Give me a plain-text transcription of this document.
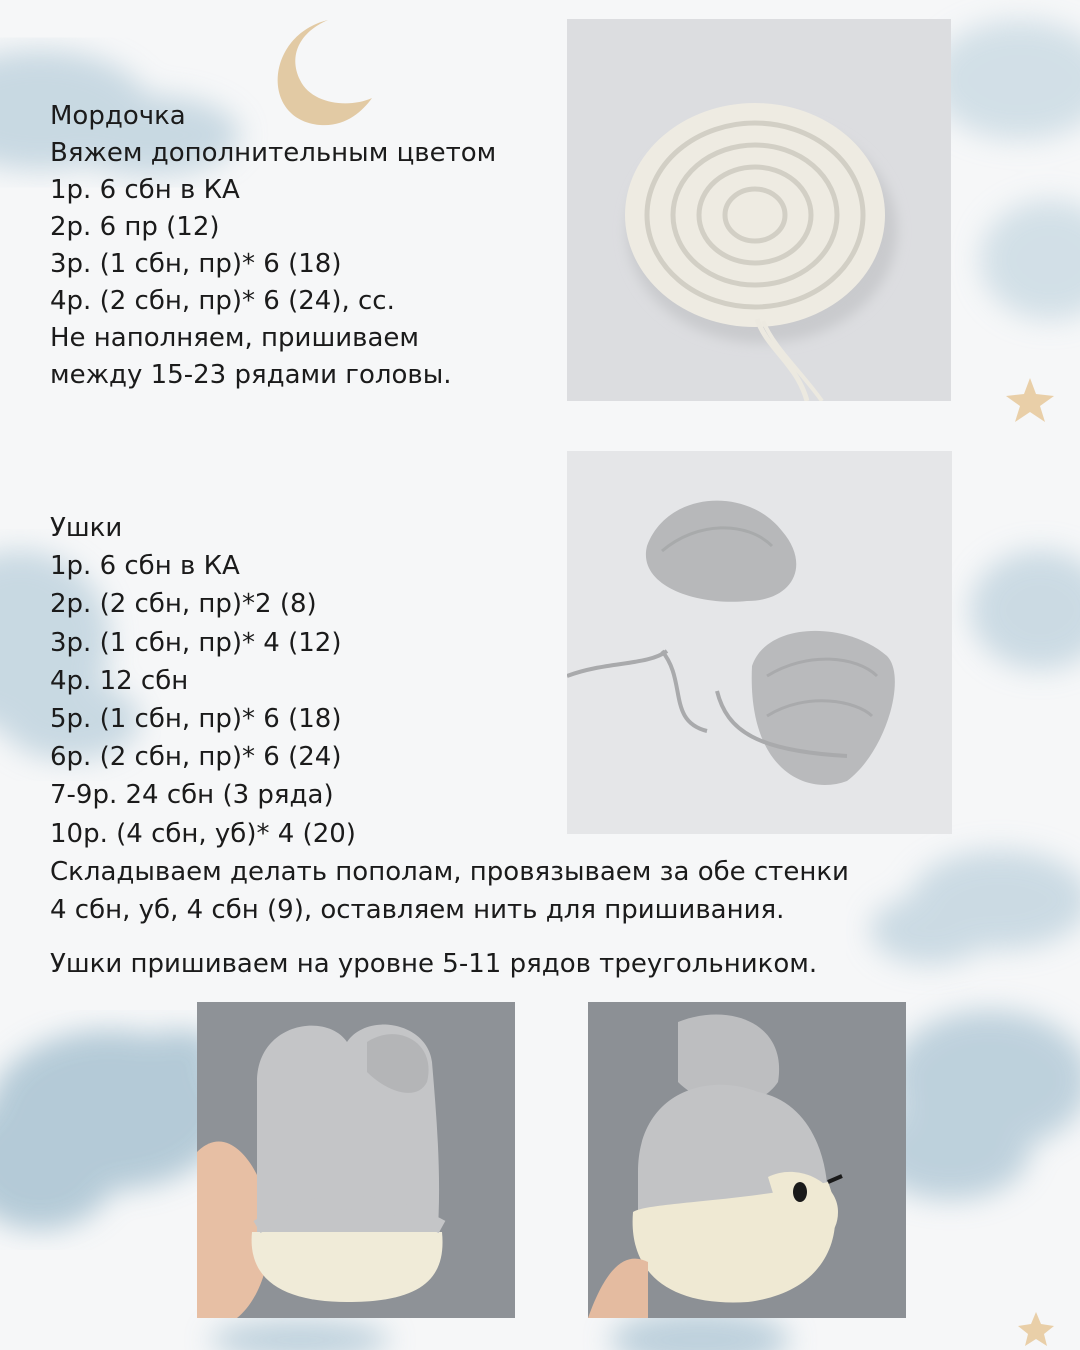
Мордочка
Вяжем дополнительным цветом
1р. 6 сбн в КА
2р. 6 пр (12)
3р. (1 сбн, пр)* 6 (18)
4р. (2 сбн, пр)* 6 (24), сс.
Не наполняем, пришиваем
между 15-23 рядами головы.
Ушки
1р. 6 сбн в КА
2р. (2 сбн, пр)*2 (8)
3р. (1 сбн, пр)* 4 (12)
4р. 12 сбн
5р. (1 сбн, пр)* 6 (18)
6р. (2 сбн, пр)* 6 (24)
7-9р. 24 сбн (3 ряда)
10р. (4 сбн, уб)* 4 (20)
Складываем делать пополам, провязываем за обе стенки
4 сбн, уб, 4 сбн (9), оставляем нить для пришивания.
Ушки пришиваем на уровне 5-11 рядов треугольником.
